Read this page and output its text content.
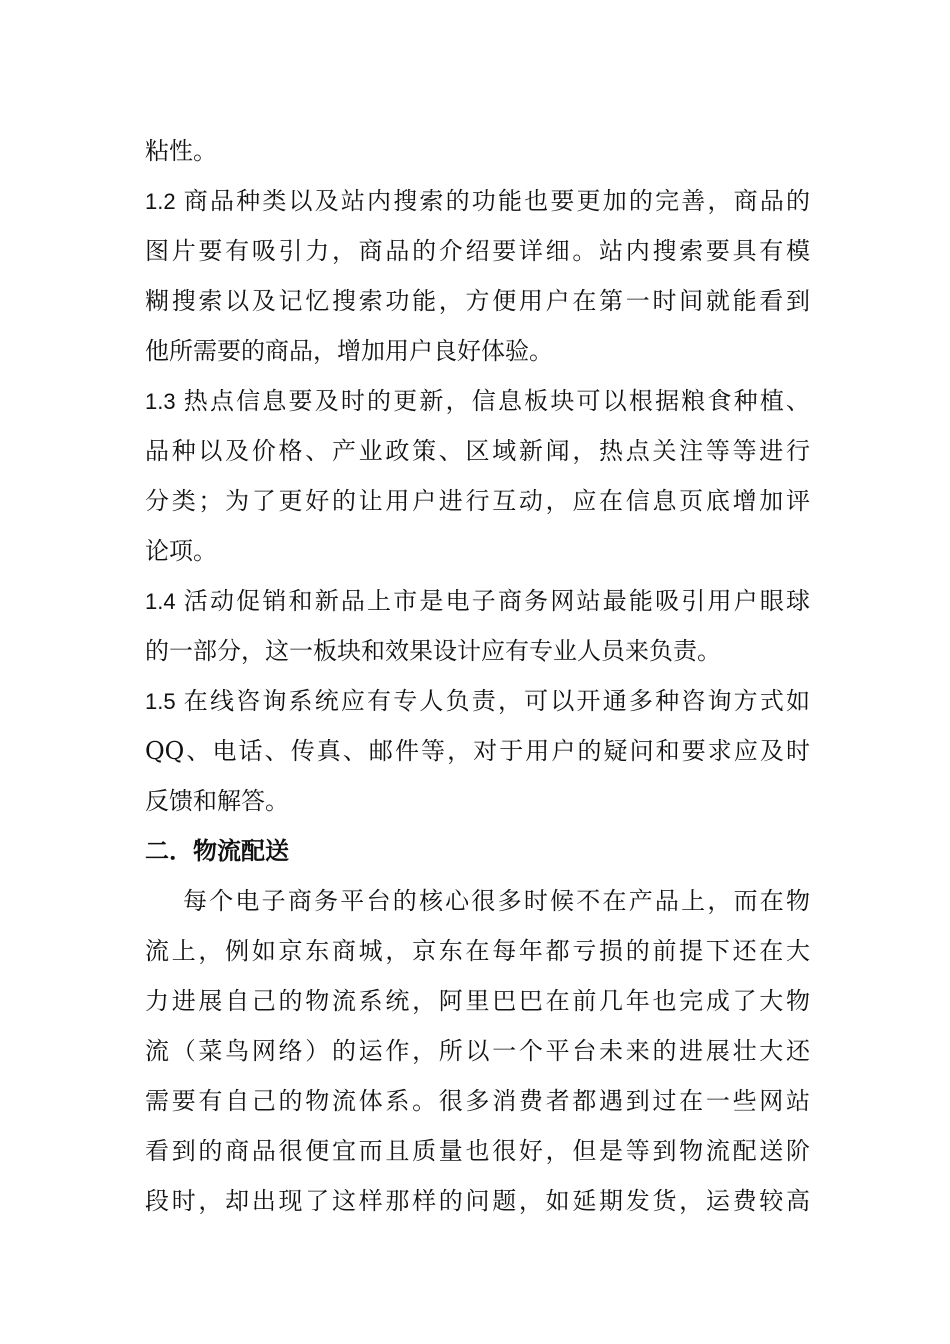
粘性。
1.2 商品种类以及站内搜索的功能也要更加的完善，商品的
图片要有吸引力，商品的介绍要详细。站内搜索要具有模
糊搜索以及记忆搜索功能，方便用户在第一时间就能看到
他所需要的商品，增加用户良好体验。
1.3 热点信息要及时的更新，信息板块可以根据粮食种植、
品种以及价格、产业政策、区域新闻，热点关注等等进行
分类；为了更好的让用户进行互动，应在信息页底增加评
论项。
1.4 活动促销和新品上市是电子商务网站最能吸引用户眼球
的一部分，这一板块和效果设计应有专业人员来负责。
1.5 在线咨询系统应有专人负责，可以开通多种咨询方式如
QQ、电话、传真、邮件等，对于用户的疑问和要求应及时
反馈和解答。
二．物流配送
每个电子商务平台的核心很多时候不在产品上，而在物
流上，例如京东商城，京东在每年都亏损的前提下还在大
力进展自己的物流系统，阿里巴巴在前几年也完成了大物
流（菜鸟网络）的运作，所以一个平台未来的进展壮大还
需要有自己的物流体系。很多消费者都遇到过在一些网站
看到的商品很便宜而且质量也很好，但是等到物流配送阶
段时，却出现了这样那样的问题，如延期发货，运费较高
